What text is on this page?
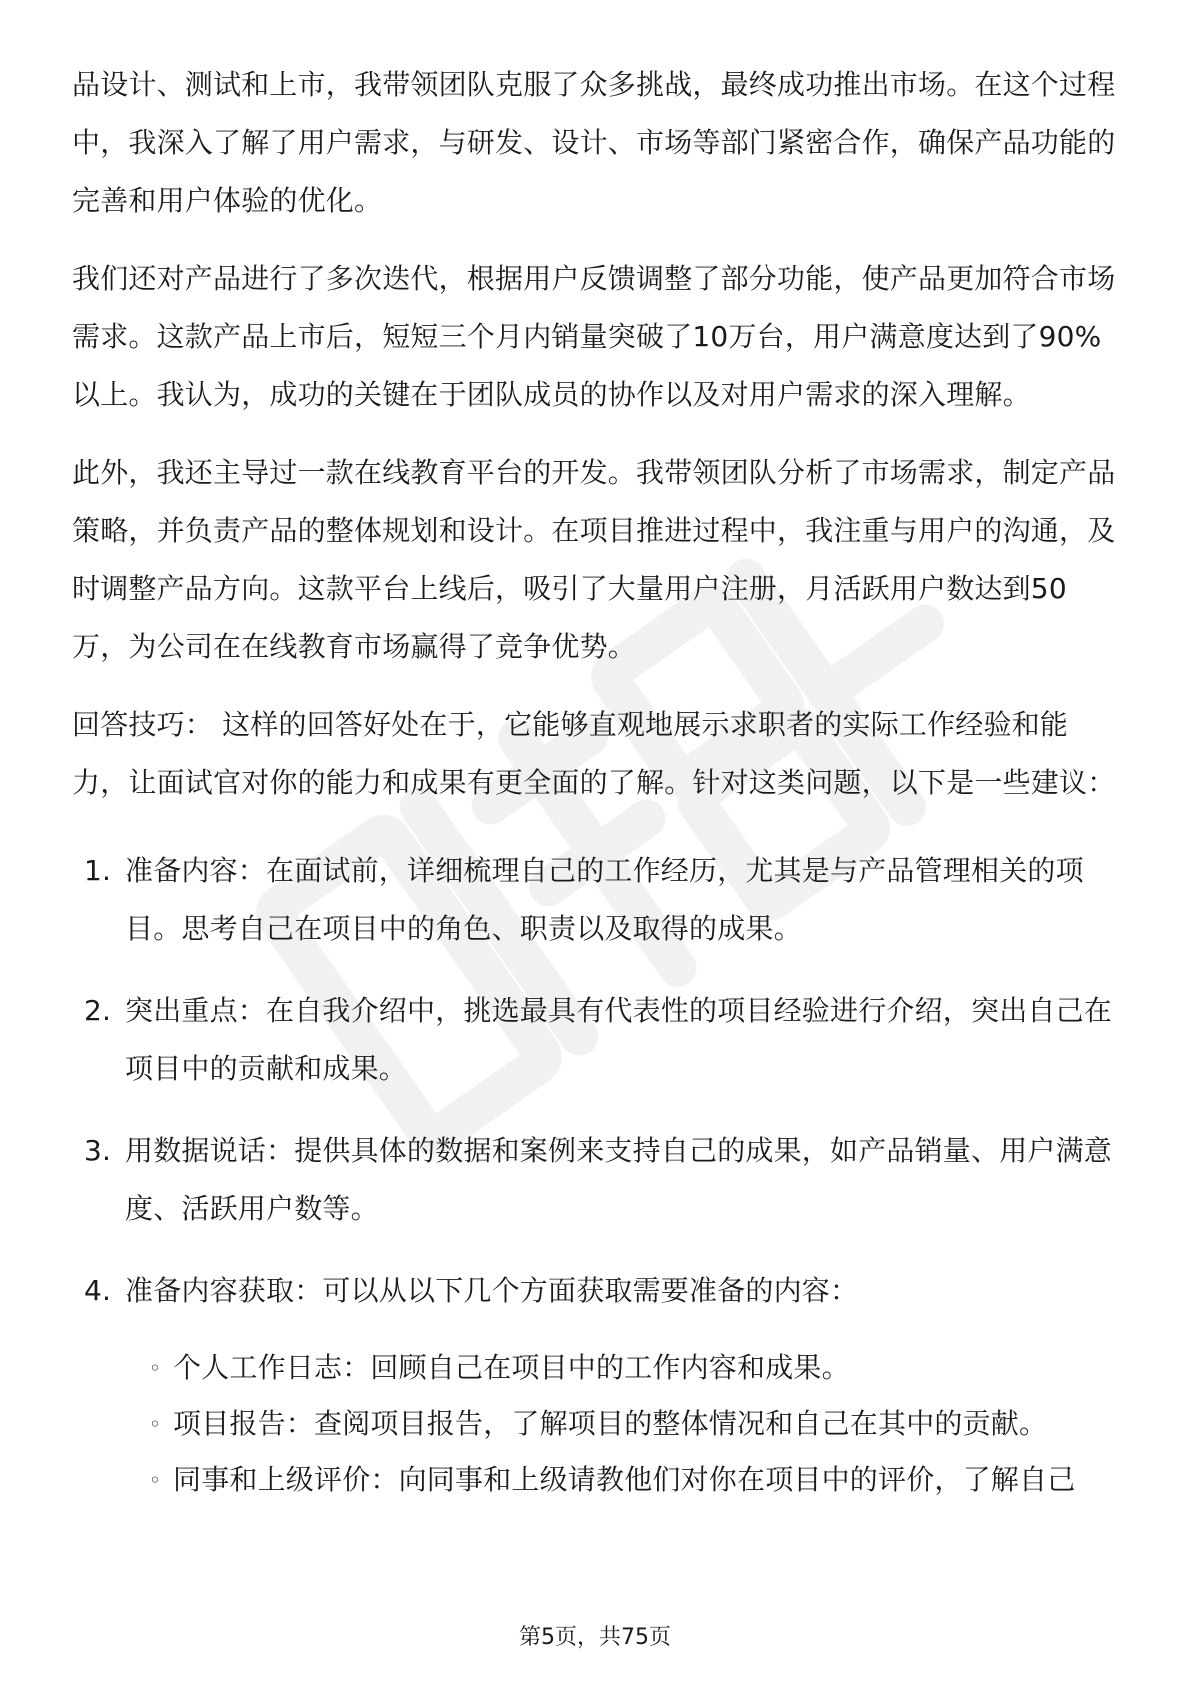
品设计、测试和上市，我带领团队克服了众多挑战，最终成功推出市场。在这个过程中，我深入了解了用户需求，与研发、设计、市场等部门紧密合作，确保产品功能的完善和用户体验的优化。

我们还对产品进行了多次迭代，根据用户反馈调整了部分功能，使产品更加符合市场需求。这款产品上市后，短短三个月内销量突破了10万台，用户满意度达到了90%以上。我认为，成功的关键在于团队成员的协作以及对用户需求的深入理解。

此外，我还主导过一款在线教育平台的开发。我带领团队分析了市场需求，制定产品策略，并负责产品的整体规划和设计。在项目推进过程中，我注重与用户的沟通，及时调整产品方向。这款平台上线后，吸引了大量用户注册，月活跃用户数达到50万，为公司在在线教育市场赢得了竞争优势。

回答技巧： 这样的回答好处在于，它能够直观地展示求职者的实际工作经验和能力，让面试官对你的能力和成果有更全面的了解。针对这类问题，以下是一些建议：

1. 准备内容：在面试前，详细梳理自己的工作经历，尤其是与产品管理相关的项目。思考自己在项目中的角色、职责以及取得的成果。
2. 突出重点：在自我介绍中，挑选最具有代表性的项目经验进行介绍，突出自己在项目中的贡献和成果。
3. 用数据说话：提供具体的数据和案例来支持自己的成果，如产品销量、用户满意度、活跃用户数等。
4. 准备内容获取：可以从以下几个方面获取需要准备的内容：
◦ 个人工作日志：回顾自己在项目中的工作内容和成果。
◦ 项目报告：查阅项目报告，了解项目的整体情况和自己在其中的贡献。
◦ 同事和上级评价：向同事和上级请教他们对你在项目中的评价，了解自己
第5页，共75页
